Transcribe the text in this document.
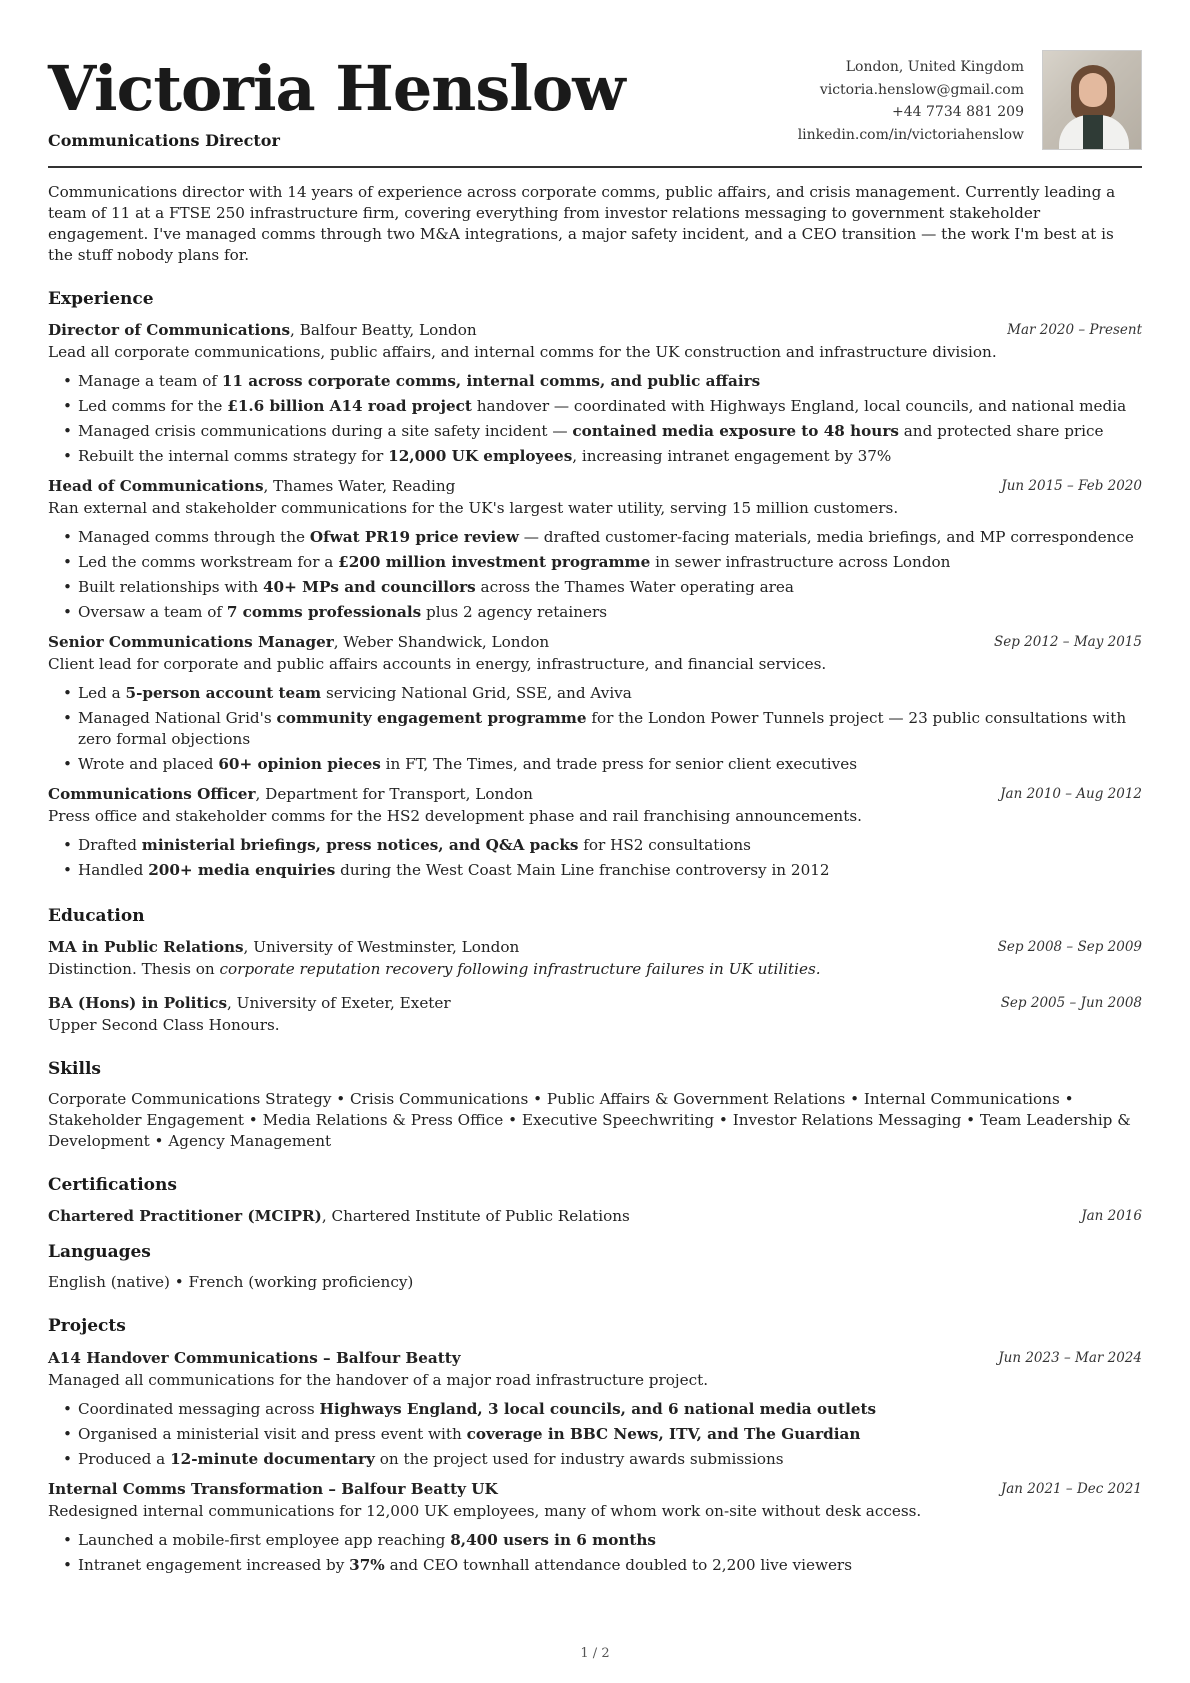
Victoria Henslow
Communications Director
London, United Kingdom
victoria.henslow@gmail.com
+44 7734 881 209
linkedin.com/in/victoriahenslow
Communications director with 14 years of experience across corporate comms, public affairs, and crisis management. Currently leading a team of 11 at a FTSE 250 infrastructure firm, covering everything from investor relations messaging to government stakeholder engagement. I've managed comms through two M&A integrations, a major safety incident, and a CEO transition — the work I'm best at is the stuff nobody plans for.
Experience
Director of Communications, Balfour Beatty, London	Mar 2020 – Present
Lead all corporate communications, public affairs, and internal comms for the UK construction and infrastructure division.
• Manage a team of 11 across corporate comms, internal comms, and public affairs
• Led comms for the £1.6 billion A14 road project handover — coordinated with Highways England, local councils, and national media
• Managed crisis communications during a site safety incident — contained media exposure to 48 hours and protected share price
• Rebuilt the internal comms strategy for 12,000 UK employees, increasing intranet engagement by 37%
Head of Communications, Thames Water, Reading	Jun 2015 – Feb 2020
Ran external and stakeholder communications for the UK's largest water utility, serving 15 million customers.
• Managed comms through the Ofwat PR19 price review — drafted customer-facing materials, media briefings, and MP correspondence
• Led the comms workstream for a £200 million investment programme in sewer infrastructure across London
• Built relationships with 40+ MPs and councillors across the Thames Water operating area
• Oversaw a team of 7 comms professionals plus 2 agency retainers
Senior Communications Manager, Weber Shandwick, London	Sep 2012 – May 2015
Client lead for corporate and public affairs accounts in energy, infrastructure, and financial services.
• Led a 5-person account team servicing National Grid, SSE, and Aviva
• Managed National Grid's community engagement programme for the London Power Tunnels project — 23 public consultations with zero formal objections
• Wrote and placed 60+ opinion pieces in FT, The Times, and trade press for senior client executives
Communications Officer, Department for Transport, London	Jan 2010 – Aug 2012
Press office and stakeholder comms for the HS2 development phase and rail franchising announcements.
• Drafted ministerial briefings, press notices, and Q&A packs for HS2 consultations
• Handled 200+ media enquiries during the West Coast Main Line franchise controversy in 2012
Education
MA in Public Relations, University of Westminster, London	Sep 2008 – Sep 2009
Distinction. Thesis on corporate reputation recovery following infrastructure failures in UK utilities.
BA (Hons) in Politics, University of Exeter, Exeter	Sep 2005 – Jun 2008
Upper Second Class Honours.
Skills
Corporate Communications Strategy • Crisis Communications • Public Affairs & Government Relations • Internal Communications • Stakeholder Engagement • Media Relations & Press Office • Executive Speechwriting • Investor Relations Messaging • Team Leadership & Development • Agency Management
Certifications
Chartered Practitioner (MCIPR), Chartered Institute of Public Relations	Jan 2016
Languages
English (native) • French (working proficiency)
Projects
A14 Handover Communications – Balfour Beatty	Jun 2023 – Mar 2024
Managed all communications for the handover of a major road infrastructure project.
• Coordinated messaging across Highways England, 3 local councils, and 6 national media outlets
• Organised a ministerial visit and press event with coverage in BBC News, ITV, and The Guardian
• Produced a 12-minute documentary on the project used for industry awards submissions
Internal Comms Transformation – Balfour Beatty UK	Jan 2021 – Dec 2021
Redesigned internal communications for 12,000 UK employees, many of whom work on-site without desk access.
• Launched a mobile-first employee app reaching 8,400 users in 6 months
• Intranet engagement increased by 37% and CEO townhall attendance doubled to 2,200 live viewers
1 / 2
